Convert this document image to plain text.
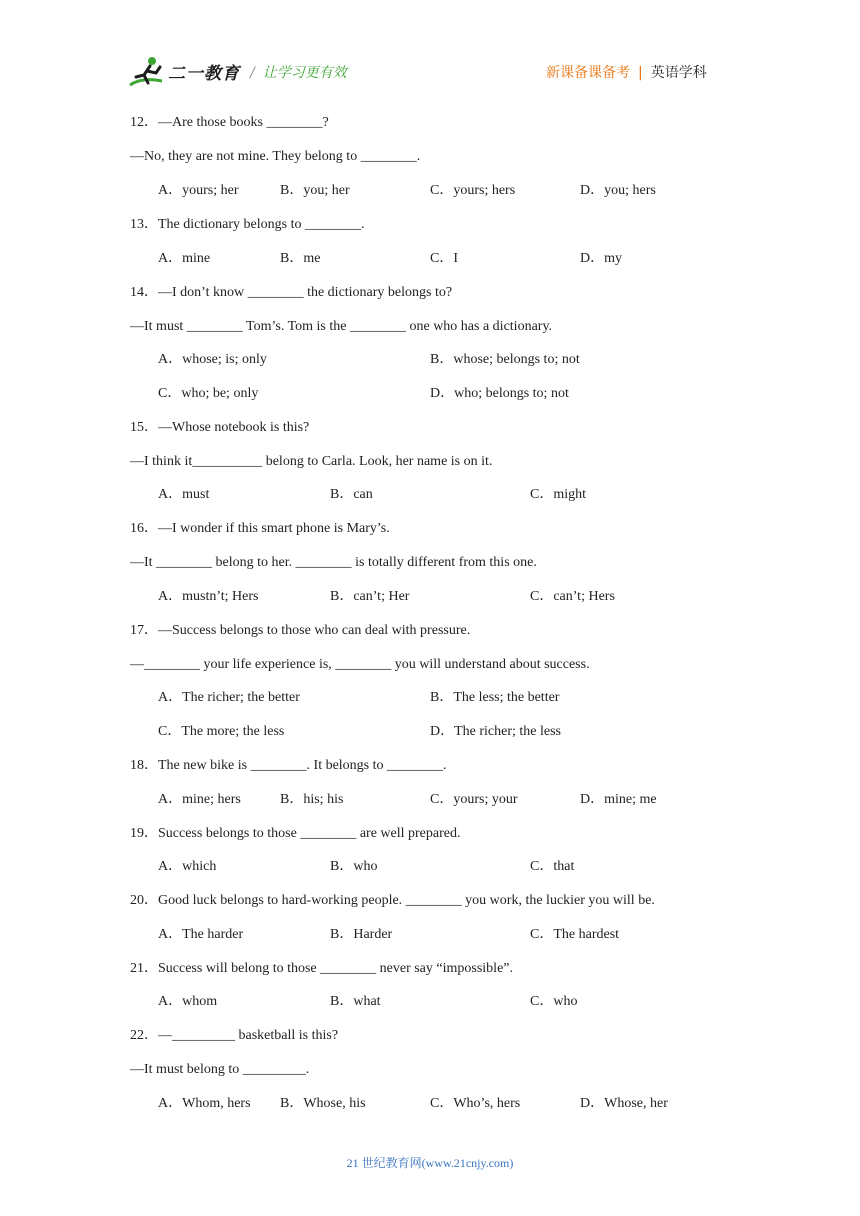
二一教育 / 让学习更有效	新课备课备考 | 英语学科
12．—Are those books ________?
—No, they are not mine. They belong to ________.
A．yours; her	B．you; her	C．yours; hers	D．you; hers
13．The dictionary belongs to ________.
A．mine	B．me	C．I	D．my
14．—I don’t know ________ the dictionary belongs to?
—It must ________ Tom’s. Tom is the ________ one who has a dictionary.
A．whose; is; only	B．whose; belongs to; not
C．who; be; only	D．who; belongs to; not
15．—Whose notebook is this?
—I think it__________ belong to Carla. Look, her name is on it.
A．must	B．can	C．might
16．—I wonder if this smart phone is Mary’s.
—It ________ belong to her. ________ is totally different from this one.
A．mustn’t; Hers	B．can’t; Her	C．can’t; Hers
17．—Success belongs to those who can deal with pressure.
—________ your life experience is, ________ you will understand about success.
A．The richer; the better	B．The less; the better
C．The more; the less	D．The richer; the less
18．The new bike is ________. It belongs to ________.
A．mine; hers	B．his; his	C．yours; your	D．mine; me
19．Success belongs to those ________ are well prepared.
A．which	B．who	C．that
20．Good luck belongs to hard-working people. ________ you work, the luckier you will be.
A．The harder	B．Harder	C．The hardest
21．Success will belong to those ________ never say “impossible”.
A．whom	B．what	C．who
22．—_________ basketball is this?
—It must belong to _________.
A．Whom, hers B．Whose, his	C．Who’s, hers	D．Whose, her
21 世纪教育网(www.21cnjy.com)
